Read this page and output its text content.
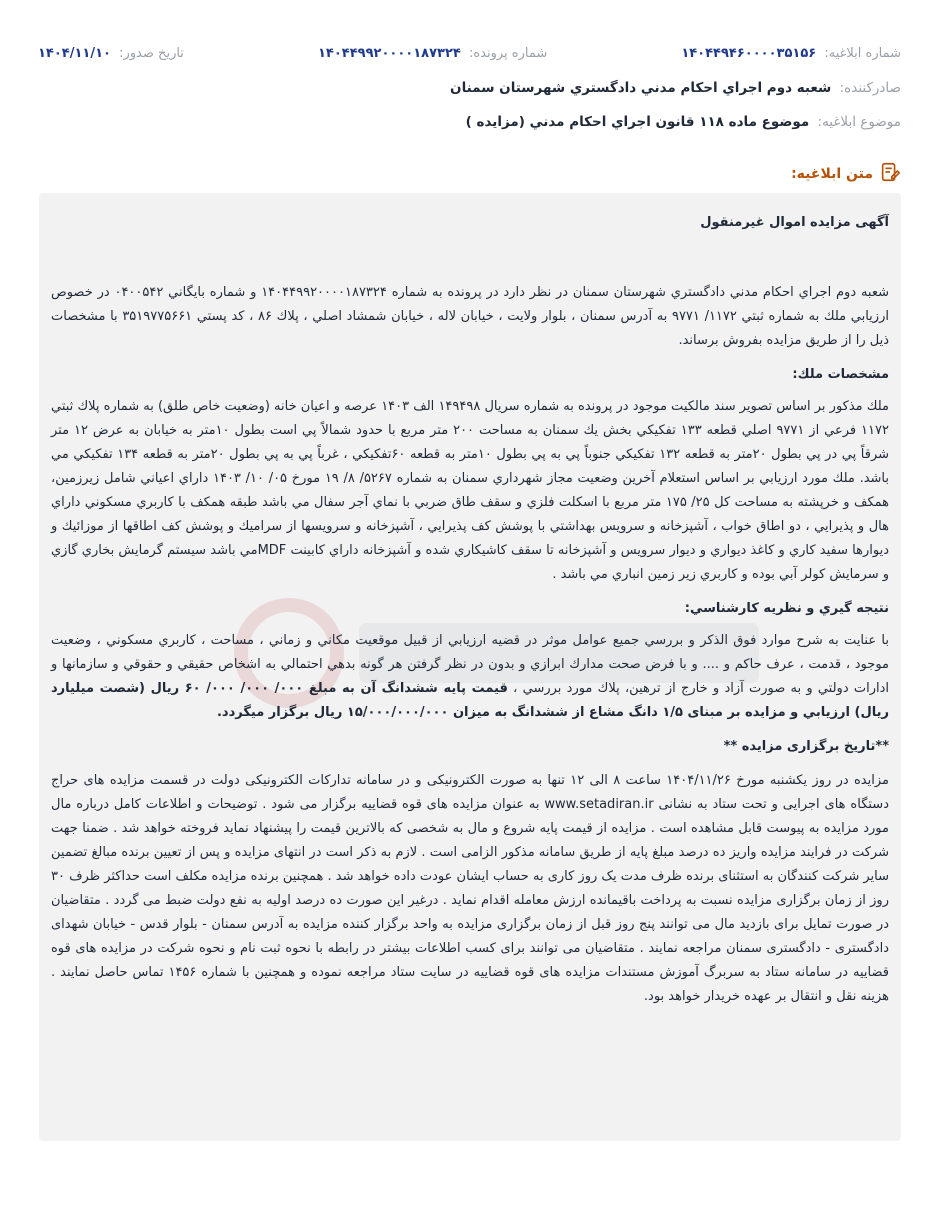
شماره ابلاغیه: ۱۴۰۴۴۹۴۶۰۰۰۰۳۵۱۵۶
شماره پرونده: ۱۴۰۴۴۹۹۲۰۰۰۰۱۸۷۳۲۴
تاریخ صدور: ۱۴۰۴/۱۱/۱۰
صادرکننده: شعبه دوم اجراي احكام مدني دادگستري شهرستان سمنان
موضوع ابلاغیه: موضوع ماده ۱۱۸ قانون اجراي احكام مدني (مزايده )
متن ابلاغیه:

آگهی مزایده اموال غیرمنقول

شعبه دوم اجراي احكام مدني دادگستري شهرستان سمنان در نظر دارد در پرونده به شماره ۱۴۰۴۴۹۹۲۰۰۰۰۱۸۷۳۲۴ و شماره بايگاني ۰۴۰۰۵۴۲ در خصوص ارزيابي ملك به شماره ثبتي ۱۱۷۲/ ۹۷۷۱ به آدرس سمنان ، بلوار ولايت ، خيابان لاله ، خيابان شمشاد اصلي ، پلاك ۸۶ ، كد پستي ۳۵۱۹۷۷۵۶۶۱ با مشخصات ذيل را از طريق مزايده بفروش برساند.

مشخصات ملك:

ملك مذكور بر اساس تصوير سند مالكيت موجود در پرونده به شماره سريال ۱۴۹۴۹۸ الف ۱۴۰۳ عرصه و اعيان خانه (وضعيت خاص طلق) به شماره پلاك ثبتي ۱۱۷۲ فرعي از ۹۷۷۱ اصلي قطعه ۱۳۳ تفكيكي بخش يك سمنان به مساحت ۲۰۰ متر مربع با حدود شمالاً پي است بطول ۱۰متر به خيابان به عرض ۱۲ متر شرقاً پي در پي بطول ۲۰متر به قطعه ۱۳۲ تفكيكي جنوباً پي به پي بطول ۱۰متر به قطعه ۶۰تفكيكي ، غرباً پي به پي بطول ۲۰متر به قطعه ۱۳۴ تفكيكي مي باشد. ملك مورد ارزيابي بر اساس استعلام آخرين وضعيت مجاز شهرداري سمنان به شماره ۵۲۶۷/ ۸/ ۱۹ مورخ ۰۵/ ۱۰/ ۱۴۰۳ داراي اعياني شامل زيرزمين، همكف و خرپشته به مساحت كل ۲۵/ ۱۷۵ متر مربع با اسكلت فلزي و سقف طاق ضربي با نماي آجر سفال مي باشد طبقه همكف با كاربري مسكوني داراي هال و پذيرايي ، دو اطاق خواب ، آشپزخانه و سرويس بهداشتي با پوشش كف پذيرايي ، آشپزخانه و سرويسها از سراميك و پوشش كف اطاقها از موزائيك و ديوارها سفيد كاري و كاغذ ديواري و ديوار سرويس و آشپزخانه تا سقف كاشيكاري شده و آشپزخانه داراي كابينت MDFمي باشد سيستم گرمايش بخاري گازي و سرمايش كولر آبي بوده و كاربري زير زمين انباري مي باشد .

نتيجه گيري و نظريه كارشناسي:

با عنايت به شرح موارد فوق الذكر و بررسي جميع عوامل موثر در قضيه ارزيابي از قبيل موقعيت مكاني و زماني ، مساحت ، كاربري مسكوني ، وضعيت موجود ، قدمت ، عرف حاكم و .... و با فرض صحت مدارك ابرازي و بدون در نظر گرفتن هر گونه بدهي احتمالي به اشخاص حقيقي و حقوقي و سازمانها و ادارات دولتي و به صورت آزاد و خارج از ترهين، پلاك مورد بررسي ، قيمت پايه ششدانگ آن به مبلغ ۰۰۰/ ۰۰۰/ ۰۰۰/ ۶۰ ريال (شصت ميليارد ريال) ارزيابي و مزایده بر مبنای ۱/۵ دانگ مشاع از ششدانگ به میزان ۱۵/۰۰۰/۰۰۰/۰۰۰ ریال برگزار میگردد.

**تاریخ برگزاری مزایده **

مزایده در روز یکشنبه مورخ ۱۴۰۴/۱۱/۲۶ ساعت ۸ الی ۱۲ تنها به صورت الکترونیکی و در سامانه تدارکات الکترونیکی دولت در قسمت مزایده های حراج دستگاه های اجرایی و تحت ستاد به نشانی www.setadiran.ir به عنوان مزایده های قوه قضاییه برگزار می شود . توضیحات و اطلاعات کامل درباره مال مورد مزایده به پیوست قابل مشاهده است . مزایده از قیمت پایه شروع و مال به شخصی که بالاترین قیمت را پیشنهاد نماید فروخته خواهد شد . ضمنا جهت شرکت در فرایند مزایده واریز ده درصد مبلغ پایه از طریق سامانه مذکور الزامی است . لازم به ذکر است در انتهای مزایده و پس از تعیین برنده مبالغ تضمین سایر شرکت کنندگان به استثنای برنده ظرف مدت یک روز کاری به حساب ایشان عودت داده خواهد شد . همچنین برنده مزایده مکلف است حداکثر ظرف ۳۰ روز از زمان برگزاری مزایده نسبت به پرداخت باقیمانده ارزش معامله اقدام نماید . درغیر این صورت ده درصد اولیه به نفع دولت ضبط می گردد . متقاضیان در صورت تمایل برای بازدید مال می توانند پنج روز قبل از زمان برگزاری مزایده به واحد برگزار کننده مزایده به آدرس سمنان - بلوار قدس - خیابان شهدای دادگستری - دادگستری سمنان مراجعه نمایند . متقاضیان می توانند برای کسب اطلاعات بیشتر در رابطه با نحوه ثبت نام و نحوه شرکت در مزایده های قوه قضاییه در سامانه ستاد به سربرگ آموزش مستندات مزایده های قوه قضاییه در سایت ستاد مراجعه نموده و همچنین با شماره ۱۴۵۶ تماس حاصل نمایند . هزینه نقل و انتقال بر عهده خریدار خواهد بود.
